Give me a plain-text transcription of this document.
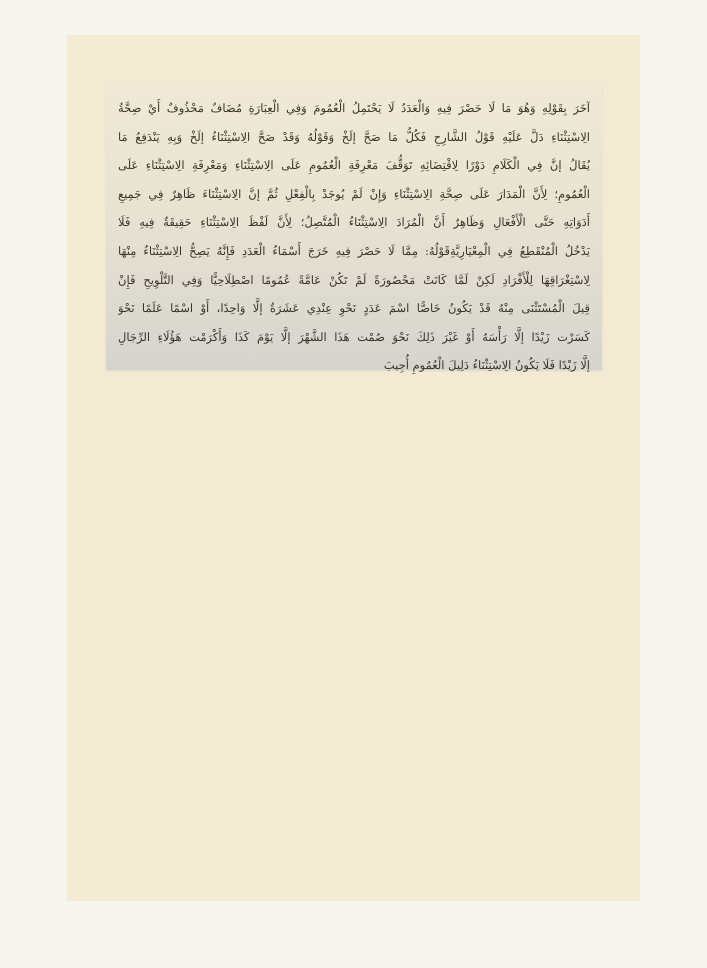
آخَرَ بِقَوْلِهِ وَهُوَ مَا لَا حَصْرَ فِيهِ وَالْعَدَدُ لَا يَحْتَمِلُ الْعُمُومَ وَفِي الْعِبَارَةِ مُضَافٌ مَحْذُوفٌ أَيْ صِحَّةُ
الِاسْتِثْنَاءِ دَلَّ عَلَيْهِ قَوْلُ الشَّارِحِ فَكُلُّ مَا صَحَّ إلَخْ وَقَوْلُهُ وَقَدْ صَحَّ الِاسْتِثْنَاءُ إلَخْ وَبِهِ يَنْدَفِعُ مَا
يُقَالُ إنَّ فِي الْكَلَامِ دَوْرًا لِاقْتِضَائِهِ تَوَقُّفَ مَعْرِفَةِ الْعُمُومِ عَلَى الِاسْتِثْنَاءِ وَمَعْرِفَةِ الِاسْتِثْنَاءِ عَلَى
الْعُمُومِ؛ لِأَنَّ الْمَدَارَ عَلَى صِحَّةِ الِاسْتِثْنَاءِ وَإِنْ لَمْ يُوجَدْ بِالْفِعْلِ ثُمَّ إنَّ الِاسْتِثْنَاءَ ظَاهِرٌ فِي جَمِيعِ
أَدَوَاتِهِ حَتَّى الْأَفْعَالِ وَظَاهِرٌ أَنَّ الْمُرَادَ الِاسْتِثْنَاءُ الْمُتَّصِلُ؛ لِأَنَّ لَفْظَ الِاسْتِثْنَاءِ حَقِيقَةٌ فِيهِ فَلَا
يَدْخُلُ الْمُنْقَطِعُ فِي الْمِعْيَارِيَّةِقَوْلُهُ: مِمَّا لَا حَصْرَ فِيهِ خَرَجَ أَسْمَاءُ الْعَدَدِ فَإِنَّهُ يَصِحُّ الِاسْتِثْنَاءُ مِنْهَا
لِاسْتِغْرَاقِهَا لِلْأَفْرَادِ لَكِنْ لَمَّا كَانَتْ مَحْصُورَةً لَمْ تَكُنْ عَامَّةً عُمُومًا اصْطِلَاحِيًّا وَفِي التَّلْوِيحِ فَإِنْ
قِيلَ الْمُسْتَثْنَى مِنْهُ قَدْ يَكُونُ خَاصًّا اسْمَ عَدَدٍ نَحْوِ عِنْدِي عَشَرَةٌ إلَّا وَاحِدًا، أَوْ اسْمًا عَلَمًا نَحْوَ
كَسَرْت زَيْدًا إلَّا رَأْسَهُ أَوْ غَيْرَ ذَلِكَ نَحْوَ صُمْت هَذَا الشَّهْرَ إلَّا يَوْمَ كَذَا وَأَكْرَمْت هَؤُلَاءِ الرِّجَالِ
إلَّا زَيْدًا فَلَا يَكُونُ الِاسْتِثْنَاءُ دَلِيلَ الْعُمُومِ أُجِيبَ
